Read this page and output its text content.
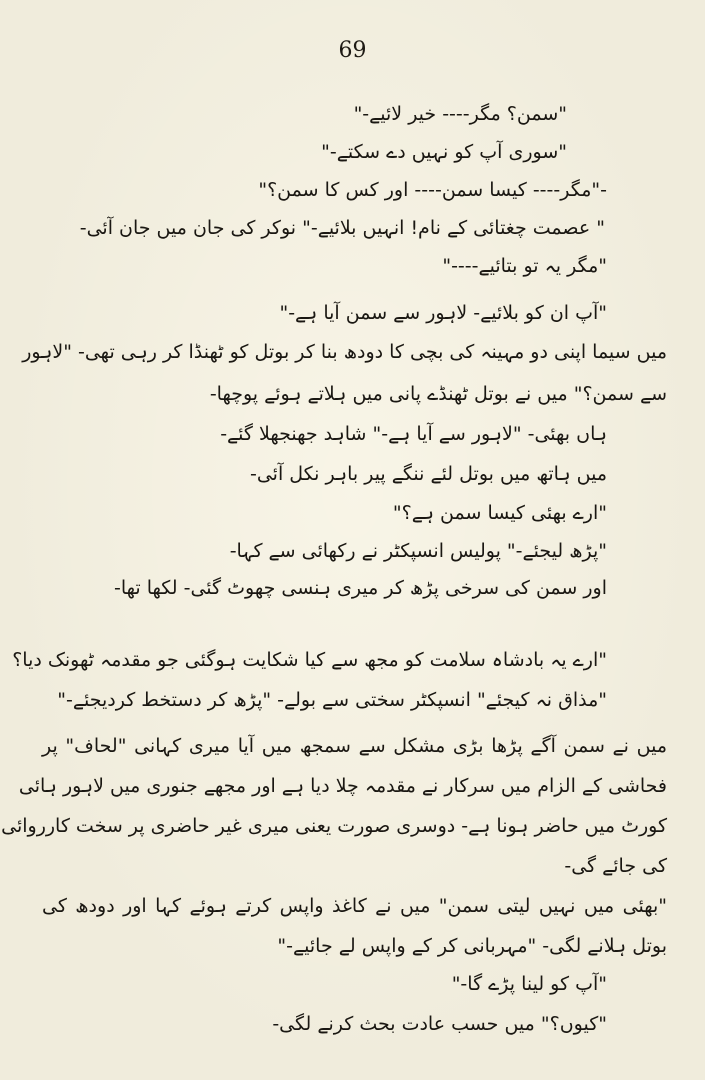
69
"سمن؟ مگر---- خیر لائیے-"
"سوری آپ کو نہیں دے سکتے-"
-"مگر---- کیسا سمن---- اور کس کا سمن؟"
" عصمت چغتائی کے نام! انہیں بلائیے-" نوکر کی جان میں جان آئی-
"مگر یہ تو بتائیے----"
"آپ ان کو بلائیے- لاہور سے سمن آیا ہے-"
میں سیما اپنی دو مہینہ کی بچی کا دودھ بنا کر بوتل کو ٹھنڈا کر رہی تھی- "لاہور
سے سمن؟" میں نے بوتل ٹھنڈے پانی میں ہلاتے ہوئے پوچھا-
ہاں بھئی- "لاہور سے آیا ہے-" شاہد جھنجھلا گئے-
میں ہاتھ میں بوتل لئے ننگے پیر باہر نکل آئی-
"ارے بھئی کیسا سمن ہے؟"
"پڑھ لیجئے-" پولیس انسپکٹر نے رکھائی سے کہا-
اور سمن کی سرخی پڑھ کر میری ہنسی چھوٹ گئی- لکھا تھا-
"ارے یہ بادشاہ سلامت کو مجھ سے کیا شکایت ہوگئی جو مقدمہ ٹھونک دیا؟
"مذاق نہ کیجئے" انسپکٹر سختی سے بولے- "پڑھ کر دستخط کردیجئے-"
میں نے سمن آگے پڑھا بڑی مشکل سے سمجھ میں آیا میری کہانی "لحاف" پر
فحاشی کے الزام میں سرکار نے مقدمہ چلا دیا ہے اور مجھے جنوری میں لاہور ہائی
کورٹ میں حاضر ہونا ہے- دوسری صورت یعنی میری غیر حاضری پر سخت کارروائی
کی جائے گی-
"بھئی میں نہیں لیتی سمن" میں نے کاغذ واپس کرتے ہوئے کہا اور دودھ کی
بوتل ہلانے لگی- "مہربانی کر کے واپس لے جائیے-"
"آپ کو لینا پڑے گا-"
"کیوں؟" میں حسب عادت بحث کرنے لگی-
